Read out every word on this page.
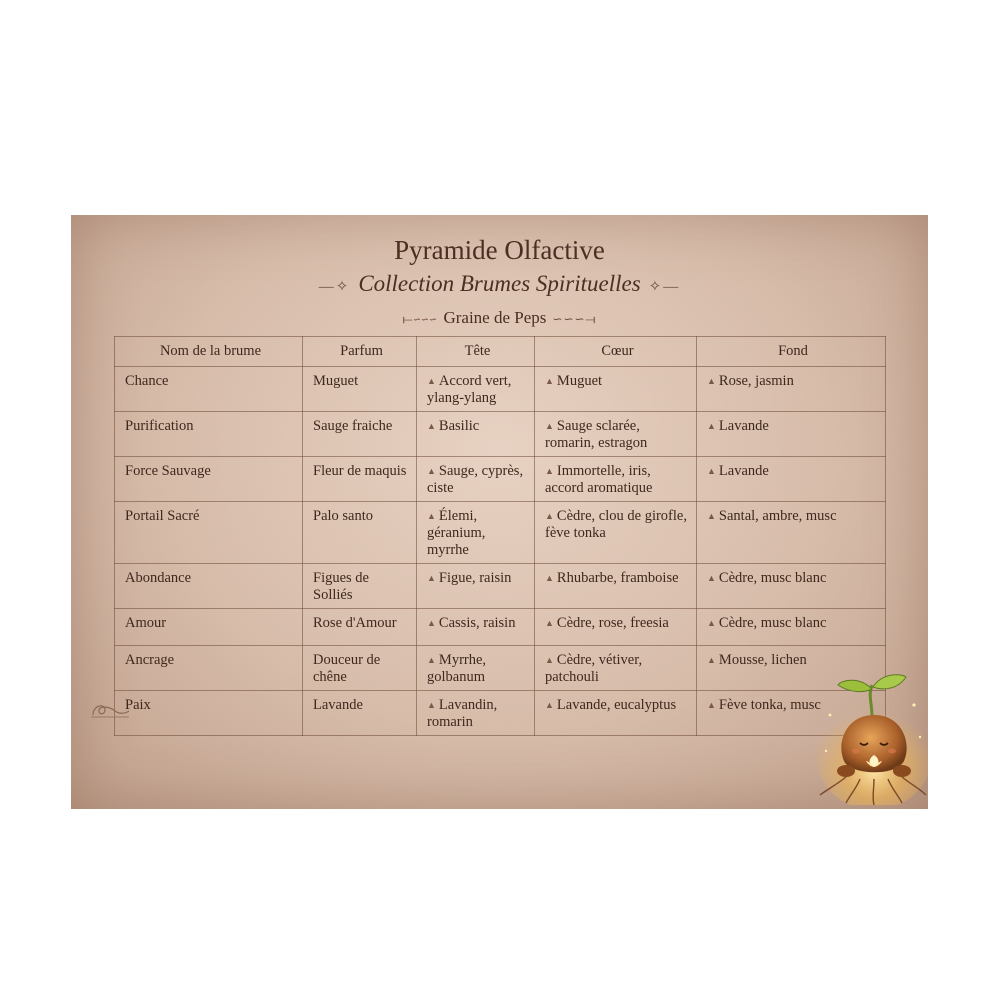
Pyramide Olfactive
—✧ Collection Brumes Spirituelles ✧—
⟝∽∽∽ Graine de Peps ∽∽∽⟞
Nom de la brume	Parfum	Tête	Cœur	Fond
Chance	Muguet	▲ Accord vert, ylang-ylang	▲ Muguet	▲ Rose, jasmin
Purification	Sauge fraiche	▲ Basilic	▲ Sauge sclarée, romarin, estragon	▲ Lavande
Force Sauvage	Fleur de maquis	▲ Sauge, cyprès, ciste	▲ Immortelle, iris, accord aromatique	▲ Lavande
Portail Sacré	Palo santo	▲ Élemi, géranium, myrrhe	▲ Cèdre, clou de girofle, fève tonka	▲ Santal, ambre, musc
Abondance	Figues de Solliés	▲ Figue, raisin	▲ Rhubarbe, framboise	▲ Cèdre, musc blanc
Amour	Rose d'Amour	▲ Cassis, raisin	▲ Cèdre, rose, freesia	▲ Cèdre, musc blanc
Ancrage	Douceur de chêne	▲ Myrrhe, golbanum	▲ Cèdre, vétiver, patchouli	▲ Mousse, lichen
Paix	Lavande	▲ Lavandin, romarin	▲ Lavande, eucalyptus	▲ Fève tonka, musc
